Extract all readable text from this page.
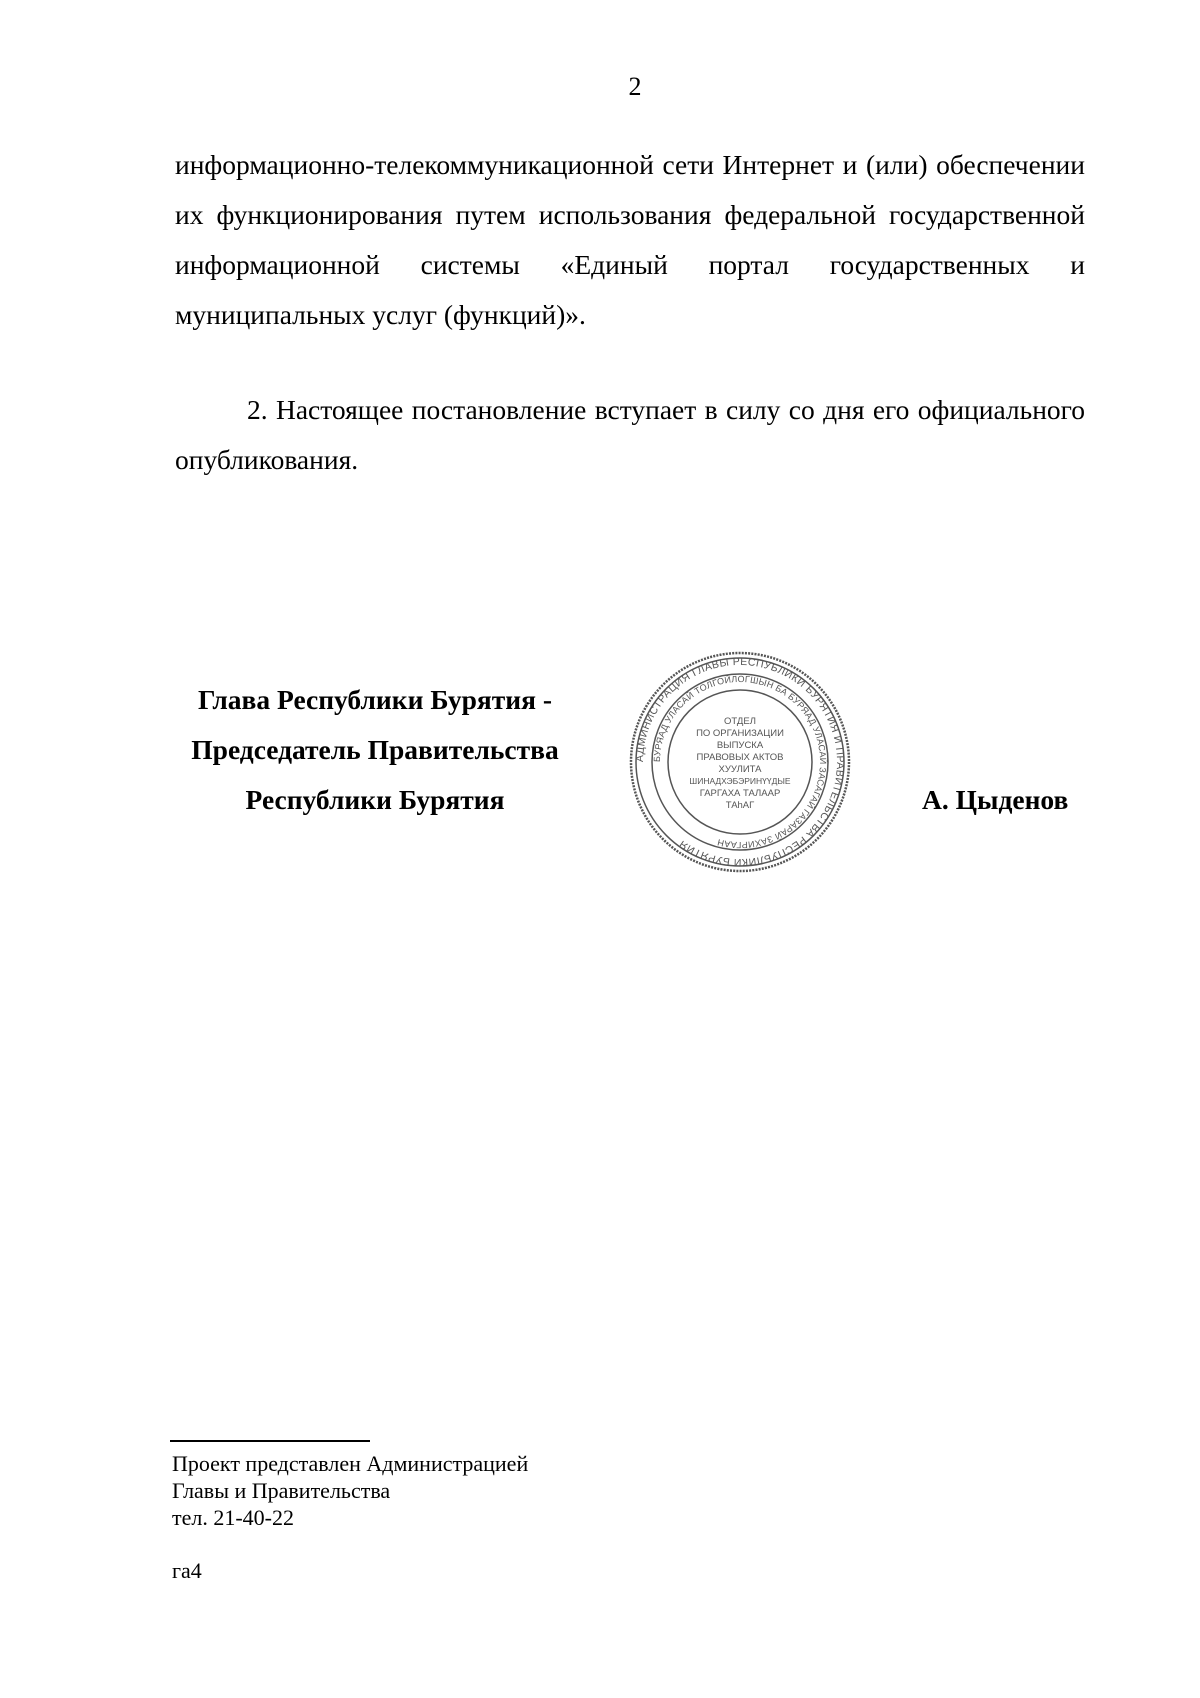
2

информационно-телекоммуникационной сети Интернет и (или) обеспечении их функционирования путем использования федеральной государственной информационной системы «Единый портал государственных и муниципальных услуг (функций)».

2. Настоящее постановление вступает в силу со дня его официального опубликования.

Глава Республики Бурятия -
Председатель Правительства
Республики Бурятия
АДМИНИСТРАЦИЯ ГЛАВЫ РЕСПУБЛИКИ БУРЯТИЯ И ПРАВИТЕЛЬСТВА РЕСПУБЛИКИ БУРЯТИЯ
БУРЯАД УЛАСАЙ ТОЛГОЙЛОГШЫН БА БУРЯАД УЛАСАЙ ЗАСАГАЙ ГАЗАРАЙ ЗАХИРГААН
ОТДЕЛ
ПО ОРГАНИЗАЦИИ
ВЫПУСКА
ПРАВОВЫХ АКТОВ
ХУУЛИТА
ШИНАДХЭБЭРИНҮҮДЫЕ
ГАРГАХА ТАЛААР
ТАһАГ	А. Цыденов
Проект представлен Администрацией
Главы и Правительства
тел. 21-40-22
га4
